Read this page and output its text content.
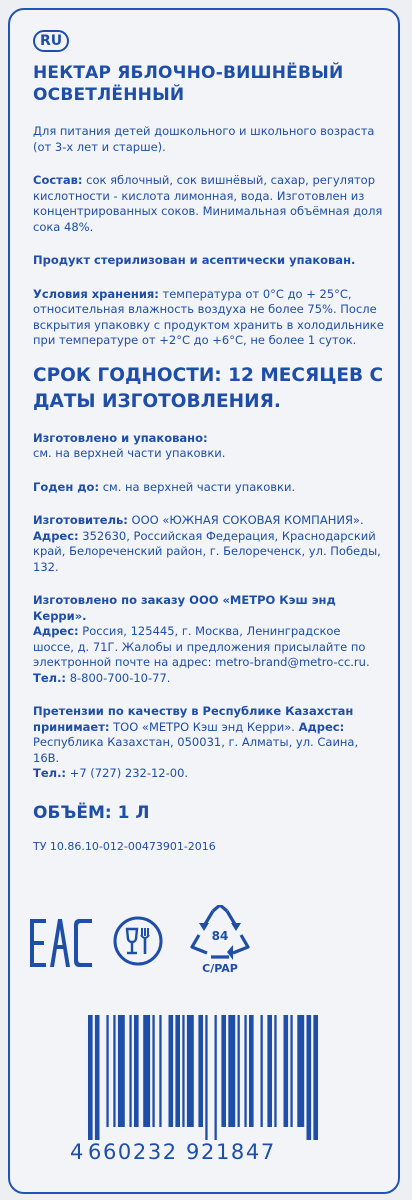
RU
НЕКТАР ЯБЛОЧНО-ВИШНЁВЫЙ ОСВЕТЛЁННЫЙ

Для питания детей дошкольного и школьного возраста (от 3-х лет и старше).

Состав: сок яблочный, сок вишнёвый, сахар, регулятор кислотности - кислота лимонная, вода. Изготовлен из концентрированных соков. Минимальная объёмная доля сока 48%.

Продукт стерилизован и асептически упакован.

Условия хранения: температура от 0°С до + 25°С, относительная влажность воздуха не более 75%. После вскрытия упаковку с продуктом хранить в холодильнике при температуре от +2°С до +6°С, не более 1 суток.

СРОК ГОДНОСТИ: 12 МЕСЯЦЕВ С ДАТЫ ИЗГОТОВЛЕНИЯ.

Изготовлено и упаковано:
см. на верхней части упаковки.

Годен до: см. на верхней части упаковки.

Изготовитель: ООО «ЮЖНАЯ СОКОВАЯ КОМПАНИЯ».
Адрес: 352630, Российская Федерация, Краснодарский край, Белореченский район, г. Белореченск, ул. Победы, 132.

Изготовлено по заказу ООО «МЕТРО Кэш энд Керри».
Адрес: Россия, 125445, г. Москва, Ленинградское шоссе, д. 71Г. Жалобы и предложения присылайте по электронной почте на адрес: metro-brand@metro-cc.ru.
Тел.: 8-800-700-10-77.

Претензии по качеству в Республике Казахстан принимает: ТОО «МЕТРО Кэш энд Керри». Адрес:
Республика Казахстан, 050031, г. Алматы, ул. Саина, 16В.
Тел.: +7 (727) 232-12-00.

ОБЪЁМ: 1 Л
ТУ 10.86.10-012-00473901-2016
84
C/PAP
4 660232 921847
